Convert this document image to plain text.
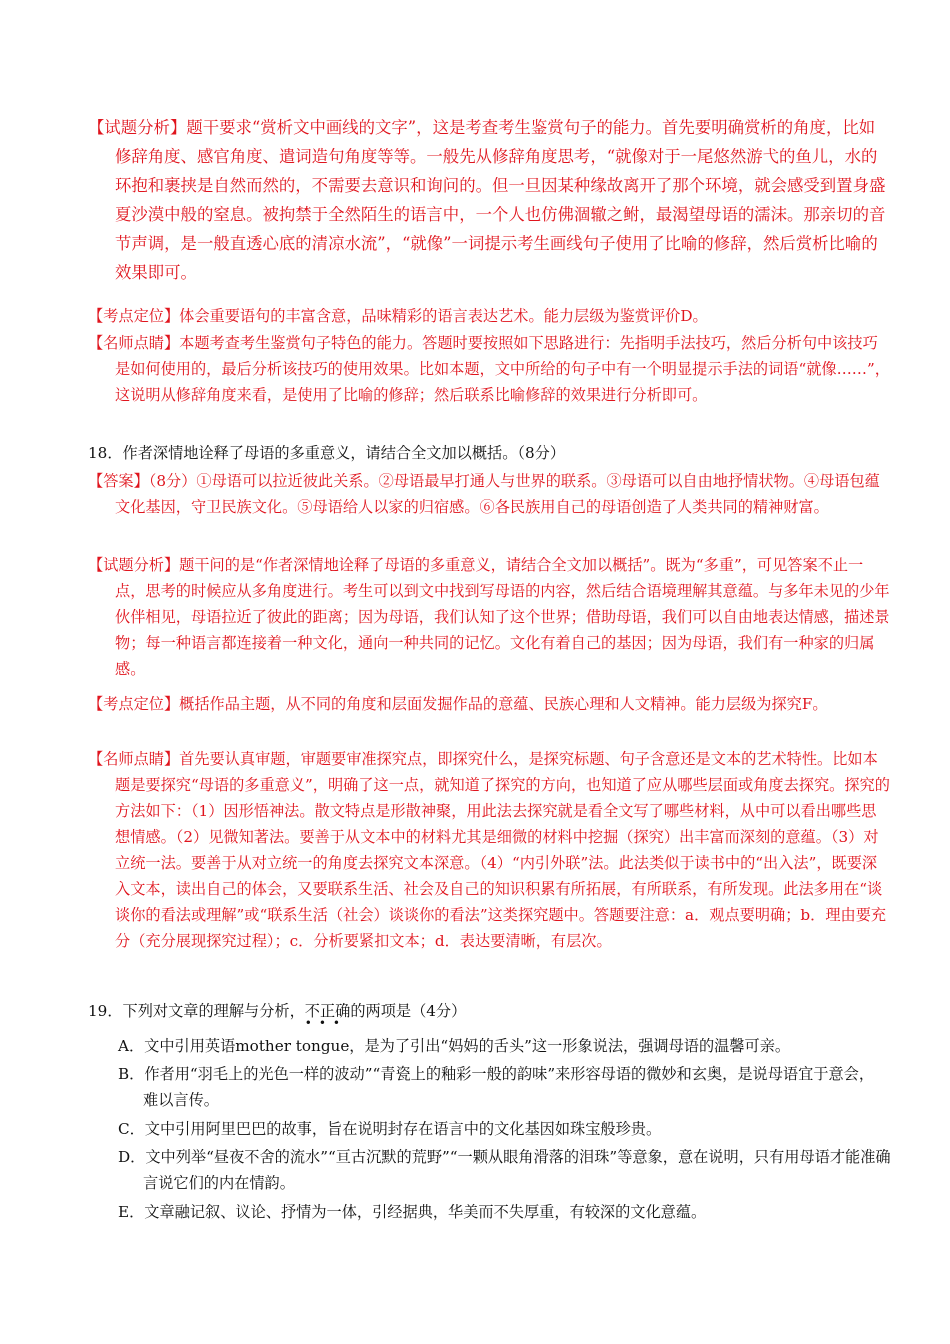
【试题分析】题干要求“赏析文中画线的文字”，这是考查考生鉴赏句子的能力。首先要明确赏析的角度，比如修辞角度、感官角度、遣词造句角度等等。一般先从修辞角度思考，“就像对于一尾悠然游弋的鱼儿，水的环抱和裹挟是自然而然的，不需要去意识和询问的。但一旦因某种缘故离开了那个环境，就会感受到置身盛夏沙漠中般的窒息。被拘禁于全然陌生的语言中，一个人也仿佛涸辙之鲋，最渴望母语的濡沫。那亲切的音节声调，是一般直透心底的清凉水流”，“就像”一词提示考生画线句子使用了比喻的修辞，然后赏析比喻的效果即可。

【考点定位】体会重要语句的丰富含意，品味精彩的语言表达艺术。能力层级为鉴赏评价D。

【名师点睛】本题考查考生鉴赏句子特色的能力。答题时要按照如下思路进行：先指明手法技巧，然后分析句中该技巧是如何使用的，最后分析该技巧的使用效果。比如本题，文中所给的句子中有一个明显提示手法的词语“就像……”，这说明从修辞角度来看，是使用了比喻的修辞；然后联系比喻修辞的效果进行分析即可。

18．作者深情地诠释了母语的多重意义，请结合全文加以概括。（8分）

【答案】（8分）①母语可以拉近彼此关系。②母语最早打通人与世界的联系。③母语可以自由地抒情状物。④母语包蕴文化基因，守卫民族文化。⑤母语给人以家的归宿感。⑥各民族用自己的母语创造了人类共同的精神财富。

【试题分析】题干问的是“作者深情地诠释了母语的多重意义，请结合全文加以概括”。既为“多重”，可见答案不止一点，思考的时候应从多角度进行。考生可以到文中找到写母语的内容，然后结合语境理解其意蕴。与多年未见的少年伙伴相见，母语拉近了彼此的距离；因为母语，我们认知了这个世界；借助母语，我们可以自由地表达情感，描述景物；每一种语言都连接着一种文化，通向一种共同的记忆。文化有着自己的基因；因为母语，我们有一种家的归属感。

【考点定位】概括作品主题，从不同的角度和层面发掘作品的意蕴、民族心理和人文精神。能力层级为探究F。

【名师点睛】首先要认真审题，审题要审准探究点，即探究什么，是探究标题、句子含意还是文本的艺术特性。比如本题是要探究“母语的多重意义”，明确了这一点，就知道了探究的方向，也知道了应从哪些层面或角度去探究。探究的方法如下：（1）因形悟神法。散文特点是形散神聚，用此法去探究就是看全文写了哪些材料，从中可以看出哪些思想情感。（2）见微知著法。要善于从文本中的材料尤其是细微的材料中挖掘（探究）出丰富而深刻的意蕴。（3）对立统一法。要善于从对立统一的角度去探究文本深意。（4）“内引外联”法。此法类似于读书中的“出入法”，既要深入文本，读出自己的体会，又要联系生活、社会及自己的知识积累有所拓展，有所联系，有所发现。此法多用在“谈谈你的看法或理解”或“联系生活（社会）谈谈你的看法”这类探究题中。答题要注意：a．观点要明确；b．理由要充分（充分展现探究过程）；c．分析要紧扣文本；d．表达要清晰，有层次。

19．下列对文章的理解与分析，不正确
•••
的两项是（4分）

A．文中引用英语mother tongue，是为了引出“妈妈的舌头”这一形象说法，强调母语的温馨可亲。

B．作者用“羽毛上的光色一样的波动”“青瓷上的釉彩一般的韵味”来形容母语的微妙和玄奥，是说母语宜于意会，难以言传。

C．文中引用阿里巴巴的故事，旨在说明封存在语言中的文化基因如珠宝般珍贵。

D．文中列举“昼夜不舍的流水”“亘古沉默的荒野”“一颗从眼角滑落的泪珠”等意象，意在说明，只有用母语才能准确言说它们的内在情韵。

E．文章融记叙、议论、抒情为一体，引经据典，华美而不失厚重，有较深的文化意蕴。
